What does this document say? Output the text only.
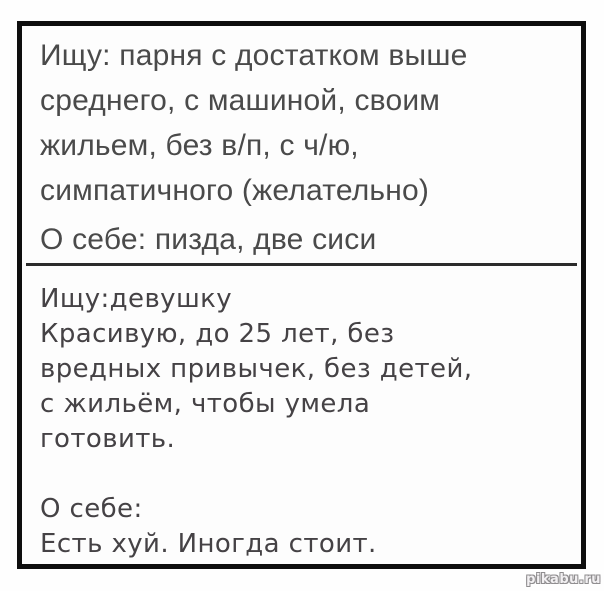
Ищу: парня с достатком выше
среднего, с машиной, своим
жильем, без в/п, с ч/ю,
симпатичного (желательно)
О себе: пизда, две сиси
Ищу:девушку
Красивую, до 25 лет, без
вредных привычек, без детей,
с жильём, чтобы умела
готовить.
О себе:
Есть хуй. Иногда стоит.
pikabu.ru
